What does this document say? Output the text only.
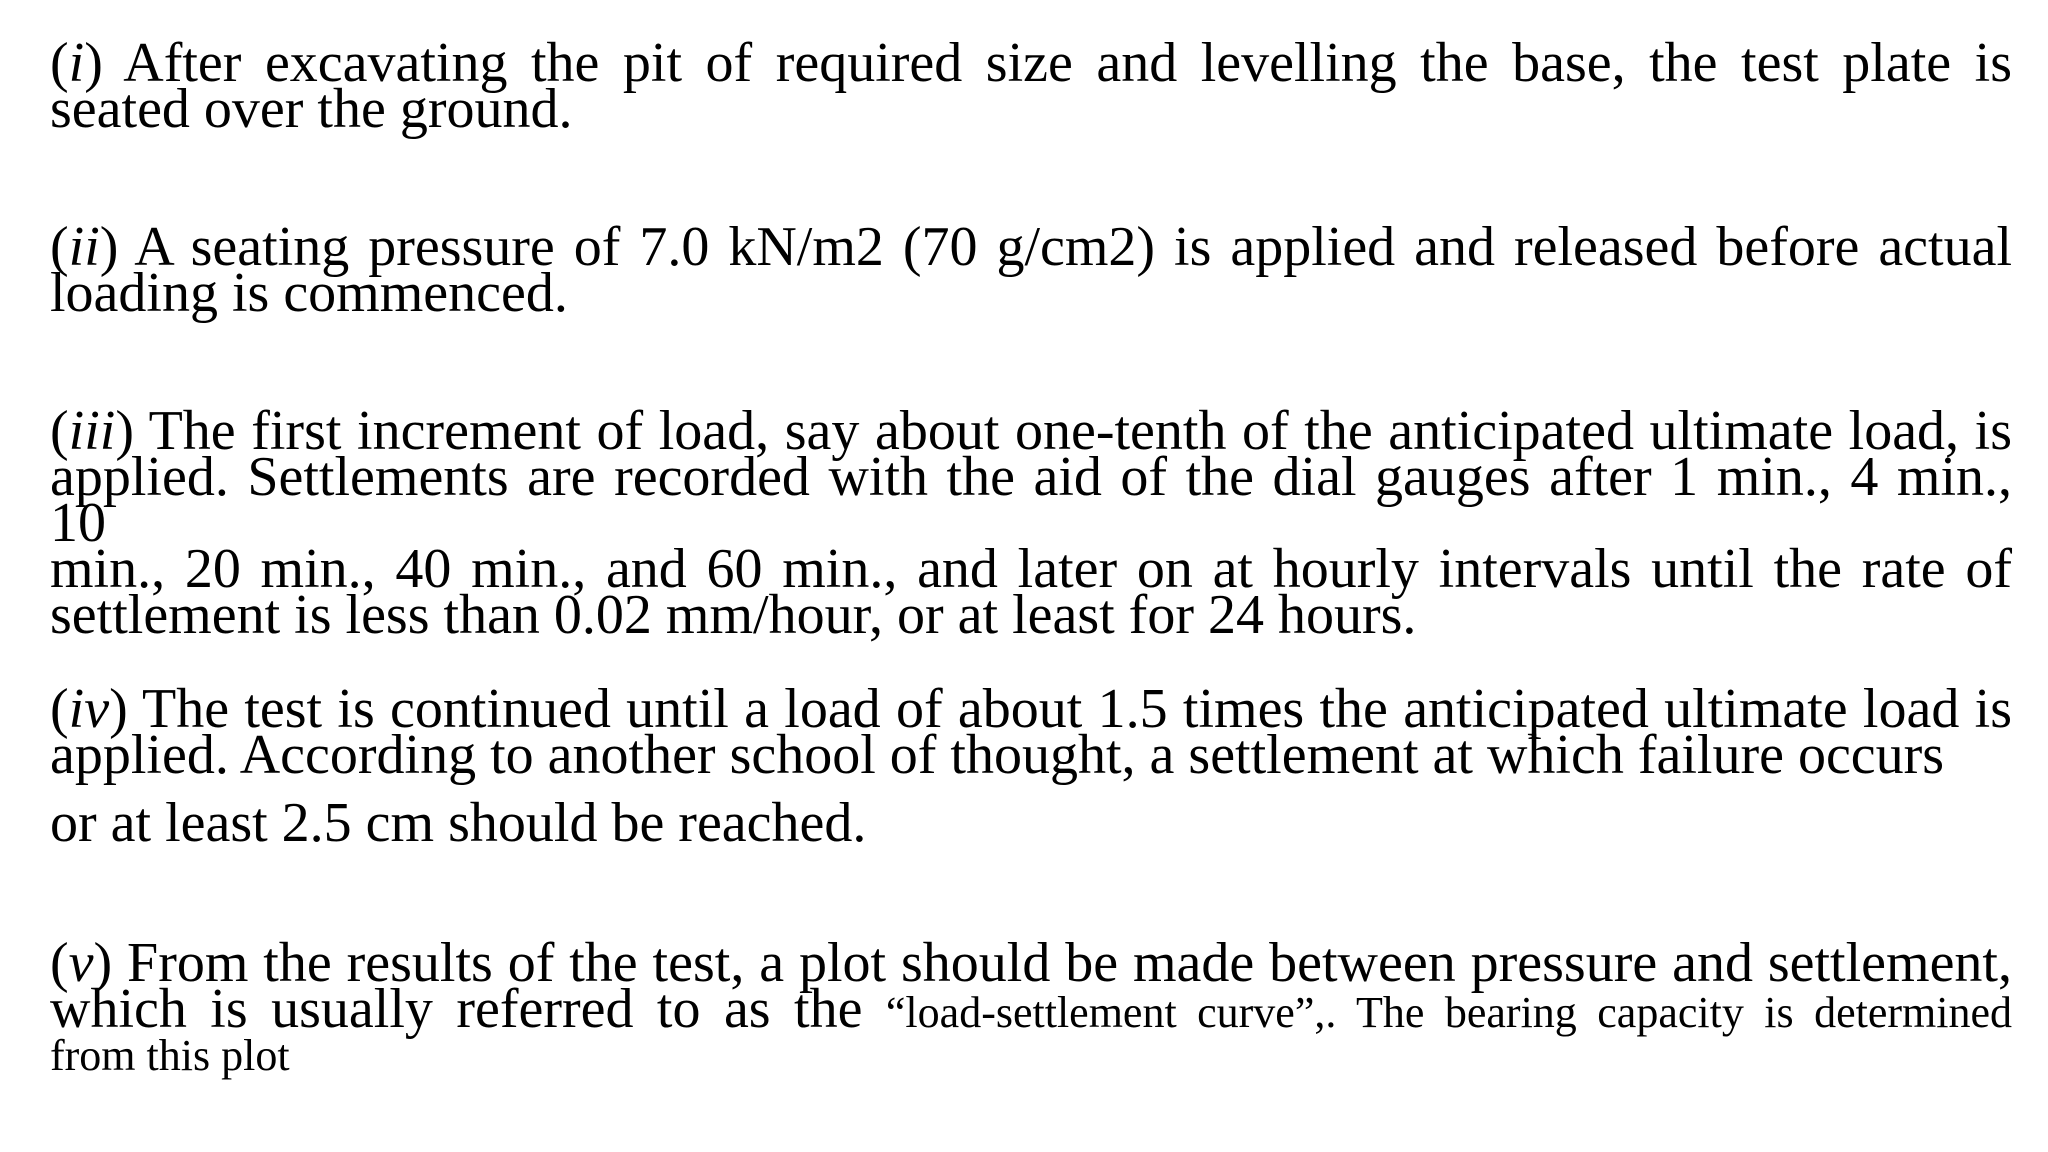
(i) After excavating the pit of required size and levelling the base, the test plate is
seated over the ground.
(ii) A seating pressure of 7.0 kN/m2 (70 g/cm2) is applied and released before actual
loading is commenced.
(iii) The first increment of load, say about one-tenth of the anticipated ultimate load, is
applied. Settlements are recorded with the aid of the dial gauges after 1 min., 4 min., 10
min., 20 min., 40 min., and 60 min., and later on at hourly intervals until the rate of
settlement is less than 0.02 mm/hour, or at least for 24 hours.
(iv) The test is continued until a load of about 1.5 times the anticipated ultimate load is
applied. According to another school of thought, a settlement at which failure occurs
or at least 2.5 cm should be reached.
(v) From the results of the test, a plot should be made between pressure and settlement,
which is usually referred to as the “load-settlement curve”,. The bearing capacity is determined
from this plot
